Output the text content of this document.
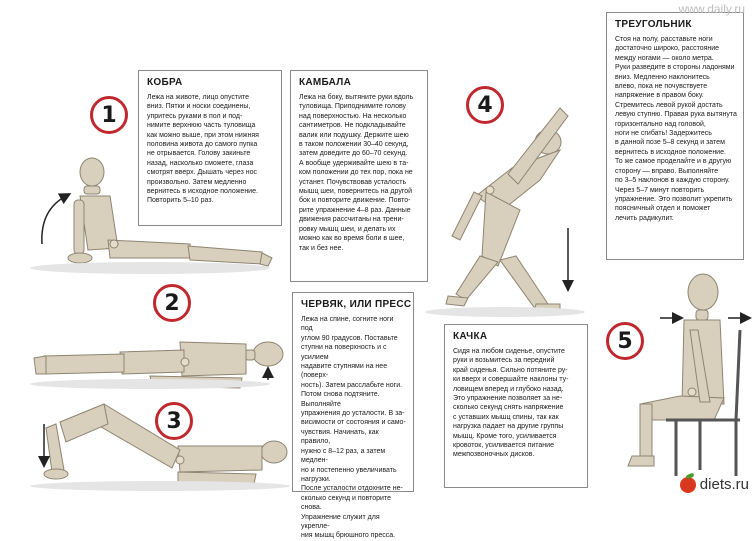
1
2
3
4
5
КОБРА
Лежа на животе, лицо опустите
вниз. Пятки и носки соединены,
упритесь руками в пол и под-
нимите верхнюю часть туловища
как можно выше, при этом нижняя
половина живота до самого пупка
не отрывается. Голову закиньте
назад, насколько сможете, глаза
смотрят вверх. Дышать через нос
произвольно. Затем медленно
вернитесь в исходное положение.
Повторить 5–10 раз.
КАМБАЛА
Лежа на боку, вытяните руки вдоль
туловища. Приподнимите голову
над поверхностью. На несколько
сантиметров. Не подкладывайте
валик или подушку. Держите шею
в таком положении 30–40 секунд,
затем доведите до 60–70 секунд.
А вообще удерживайте шею в та-
ком положении до тех пор, пока не
устанет. Почувствовав усталость
мышц шеи, повернитесь на другой
бок и повторите движение. Повто-
рите упражнение 4–8 раз. Данные
движения рассчитаны на трени-
ровку мышц шеи, и делать их
можно как во время боли в шее,
так и без нее.
ЧЕРВЯК, ИЛИ ПРЕСС
Лежа на спине, согните ноги под
углом 90 градусов. Поставьте
ступни на поверхность и с усилием
надавите ступнями на нее (поверх-
ность). Затем расслабьте ноги.
Потом снова подтяните. Выполняйте
упражнения до усталости. В за-
висимости от состояния и само-
чувствия. Начинать, как правило,
нужно с 8–12 раз, а затем медлен-
но и постепенно увеличивать нагрузки.
После усталости отдохните не-
сколько секунд и повторите снова.
Упражнение служит для укрепле-
ния мышц брюшного пресса.
ТРЕУГОЛЬНИК
Стоя на полу, расставьте ноги
достаточно широко, расстояние
между ногами — около метра.
Руки разведите в стороны ладонями
вниз. Медленно наклонитесь
влево, пока не почувствуете
напряжение в правом боку.
Стремитесь левой рукой достать
левую ступню. Правая рука вытянута
горизонтально над головой,
ноги не сгибать! Задержитесь
в данной позе 5–8 секунд и затем
вернитесь в исходное положение.
То же самое проделайте и в другую
сторону — вправо. Выполняйте
по 3–5 наклонов в каждую сторону.
Через 5–7 минут повторить
упражнение. Это позволит укрепить
поясничный отдел и поможет
лечить радикулит.
КАЧКА
Сидя на любом сиденье, опустите
руки и возьмитесь за передний
край сиденья. Сильно потяните ру-
ки вверх и совершайте наклоны ту-
ловищем вперед и глубоко назад.
Это упражнение позволяет за не-
сколько секунд снять напряжение
с уставших мышц спины, так как
нагрузка падает на другие группы
мышц. Кроме того, усиливается
кровоток, усиливается питание
межпозвоночных дисков.
www.daily.ru
diets.ru
